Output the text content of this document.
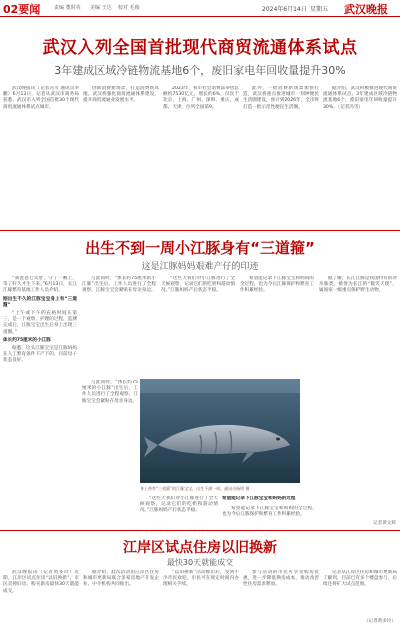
02要闻	责编 董时英 美编 王达 校对 毛俊	2024年6月14日 星期五 武汉晚报
武汉入列全国首批现代商贸流通体系试点
3年建成区域冷链物流基地6个，废旧家电年回收量提升30%

武汉晚报讯（记者冯雪 通讯员李鹏）6月13日，记者从武汉市商务局获悉，武汉市入列全国首批30个现代商贸流通体系试点城市。

创新消费新场景，打造消费新高地。武汉将强化商贸流通体系建设，提升商贸流通业发展水平。

2023年，我市社会消费品零售总额约7530亿元，增长约6%，仅次于北京、上海、广州、深圳、重庆、成都、天津，位列全国第9。

此外，一批消费新场景加快打造，武汉将重点推进城市一刻钟便民生活圈建设，预计到2026年，全市将打造一批示范性便民生活圈。

据介绍，武汉积极推进现代商贸流通体系试点，3年建成区域冷链物流基地6个，废旧家电年回收量提升30%。（记者冯雪）

出生不到一周小江豚身有“三道箍”
这是江豚妈妈艰难产仔的印迹

“我爸爸七太肚，守了一晚上，等了好久才生下来。”6月13日，长江江豚繁育基地工作人员介绍。

刚出生不久的江豚宝宝身上有“三道箍”

“上午或下午的充裕时间在第三，是一个观察，护理的过程，监测完成后，江豚宝宝出生后身上出现三道圈。”

体长约75厘米的小江豚

据悉，这头江豚宝宝是江豚妈妈在人工繁育条件下产下的，目前母子状态良好。

与此同时，“体长约75厘米的小江豚”出生后，工作人员进行了全程观察，江豚宝宝会紧贴在母亲身边。

“这些天我们对小江豚进行了全天候观察，记录它们的吃奶和游动情况。”江豚妈妈产后状态平稳。

希望能记录下江豚宝宝和妈妈的全过程，也为今后江豚保护和繁育工作积累经验。

据了解，长江江豚是我国特有的淡水豚类，被誉为长江的“微笑天使”，属国家一级重点保护野生动物。

与此同时，“体长约75厘米的小江豚”出生后，工作人员进行了全程观察，江豚宝宝会紧贴在母亲身边。

身上带有“三道箍”的江豚宝宝，出生不满一周。通讯员杨明 摄

“这些天我们对小江豚进行了全天候观察，记录它们的吃奶和游动情况。”江豚妈妈产后状态平稳。

希望能记录下江豚宝宝和妈妈的过程

希望能记录下江豚宝宝和妈妈的全过程，也为今后江豚保护和繁育工作积累经验。

记者黄文辉
江岸区试点住房以旧换新
最快30天就能成交

武汉晚报讯（记者黄多玲）近期，江岸区试点住房“以旧换新”，市民卖掉旧房、购买新房最快30天就能成交。

据介绍，此次活动由江岸区住房和城市更新局联合多家房地产开发企业、中介机构共同推出。

“以旧换新”活动推出后，受到不少市民欢迎。市民可在规定时间内办理相关手续。

参与活动的市民可享受购房优惠，进一步降低换房成本，推动改善性住房需求释放。

记者从江岸区住房和城市更新局了解到，目前已有多个楼盘参与，后续还将扩大试点范围。

（记者黄多玲）
